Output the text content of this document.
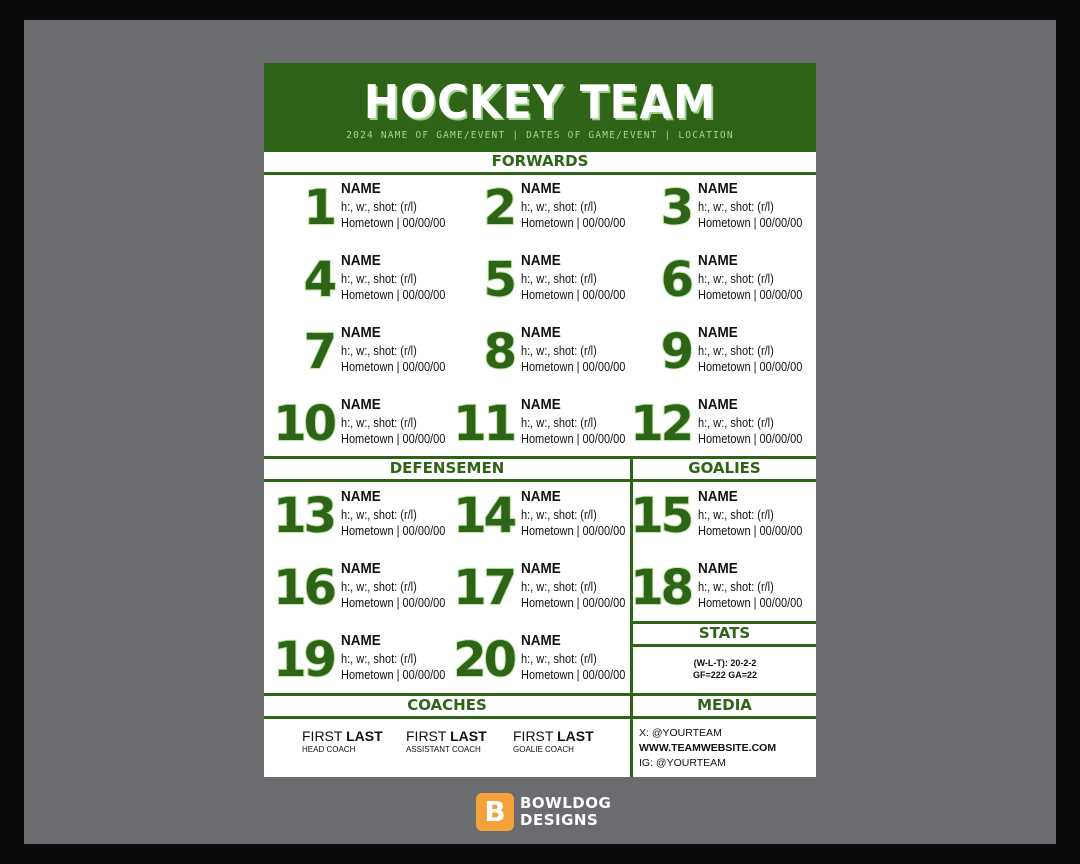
HOCKEY TEAM
2024 NAME OF GAME/EVENT | DATES OF GAME/EVENT | LOCATION
FORWARDS
DEFENSEMEN	GOALIES
STATS
COACHES	MEDIA
1 NAME
h:, w:, shot: (r/l)
Hometown | 00/00/00 2 NAME
h:, w:, shot: (r/l)
Hometown | 00/00/00 3 NAME
h:, w:, shot: (r/l)
Hometown | 00/00/00
4 NAME
h:, w:, shot: (r/l)
Hometown | 00/00/00 5 NAME
h:, w:, shot: (r/l)
Hometown | 00/00/00 6 NAME
h:, w:, shot: (r/l)
Hometown | 00/00/00
7 NAME
h:, w:, shot: (r/l)
Hometown | 00/00/00 8 NAME
h:, w:, shot: (r/l)
Hometown | 00/00/00 9 NAME
h:, w:, shot: (r/l)
Hometown | 00/00/00
10 NAME
h:, w:, shot: (r/l)
Hometown | 00/00/00 11 NAME
h:, w:, shot: (r/l)
Hometown | 00/00/00 12 NAME
h:, w:, shot: (r/l)
Hometown | 00/00/00
13 NAME
h:, w:, shot: (r/l)
Hometown | 00/00/00 14 NAME
h:, w:, shot: (r/l)
Hometown | 00/00/00 15 NAME
h:, w:, shot: (r/l)
Hometown | 00/00/00
16 NAME
h:, w:, shot: (r/l)
Hometown | 00/00/00 17 NAME
h:, w:, shot: (r/l)
Hometown | 00/00/00 18 NAME
h:, w:, shot: (r/l)
Hometown | 00/00/00
19 NAME
h:, w:, shot: (r/l)
Hometown | 00/00/00 20 NAME
h:, w:, shot: (r/l)
Hometown | 00/00/00
(W-L-T): 20-2-2
GF=222 GA=22
FIRST LAST
HEAD COACH
FIRST LAST
ASSISTANT COACH
FIRST LAST
GOALIE COACH
X: @YOURTEAM
WWW.TEAMWEBSITE.COM
IG: @YOURTEAM
B BOWLDOG
DESIGNS
